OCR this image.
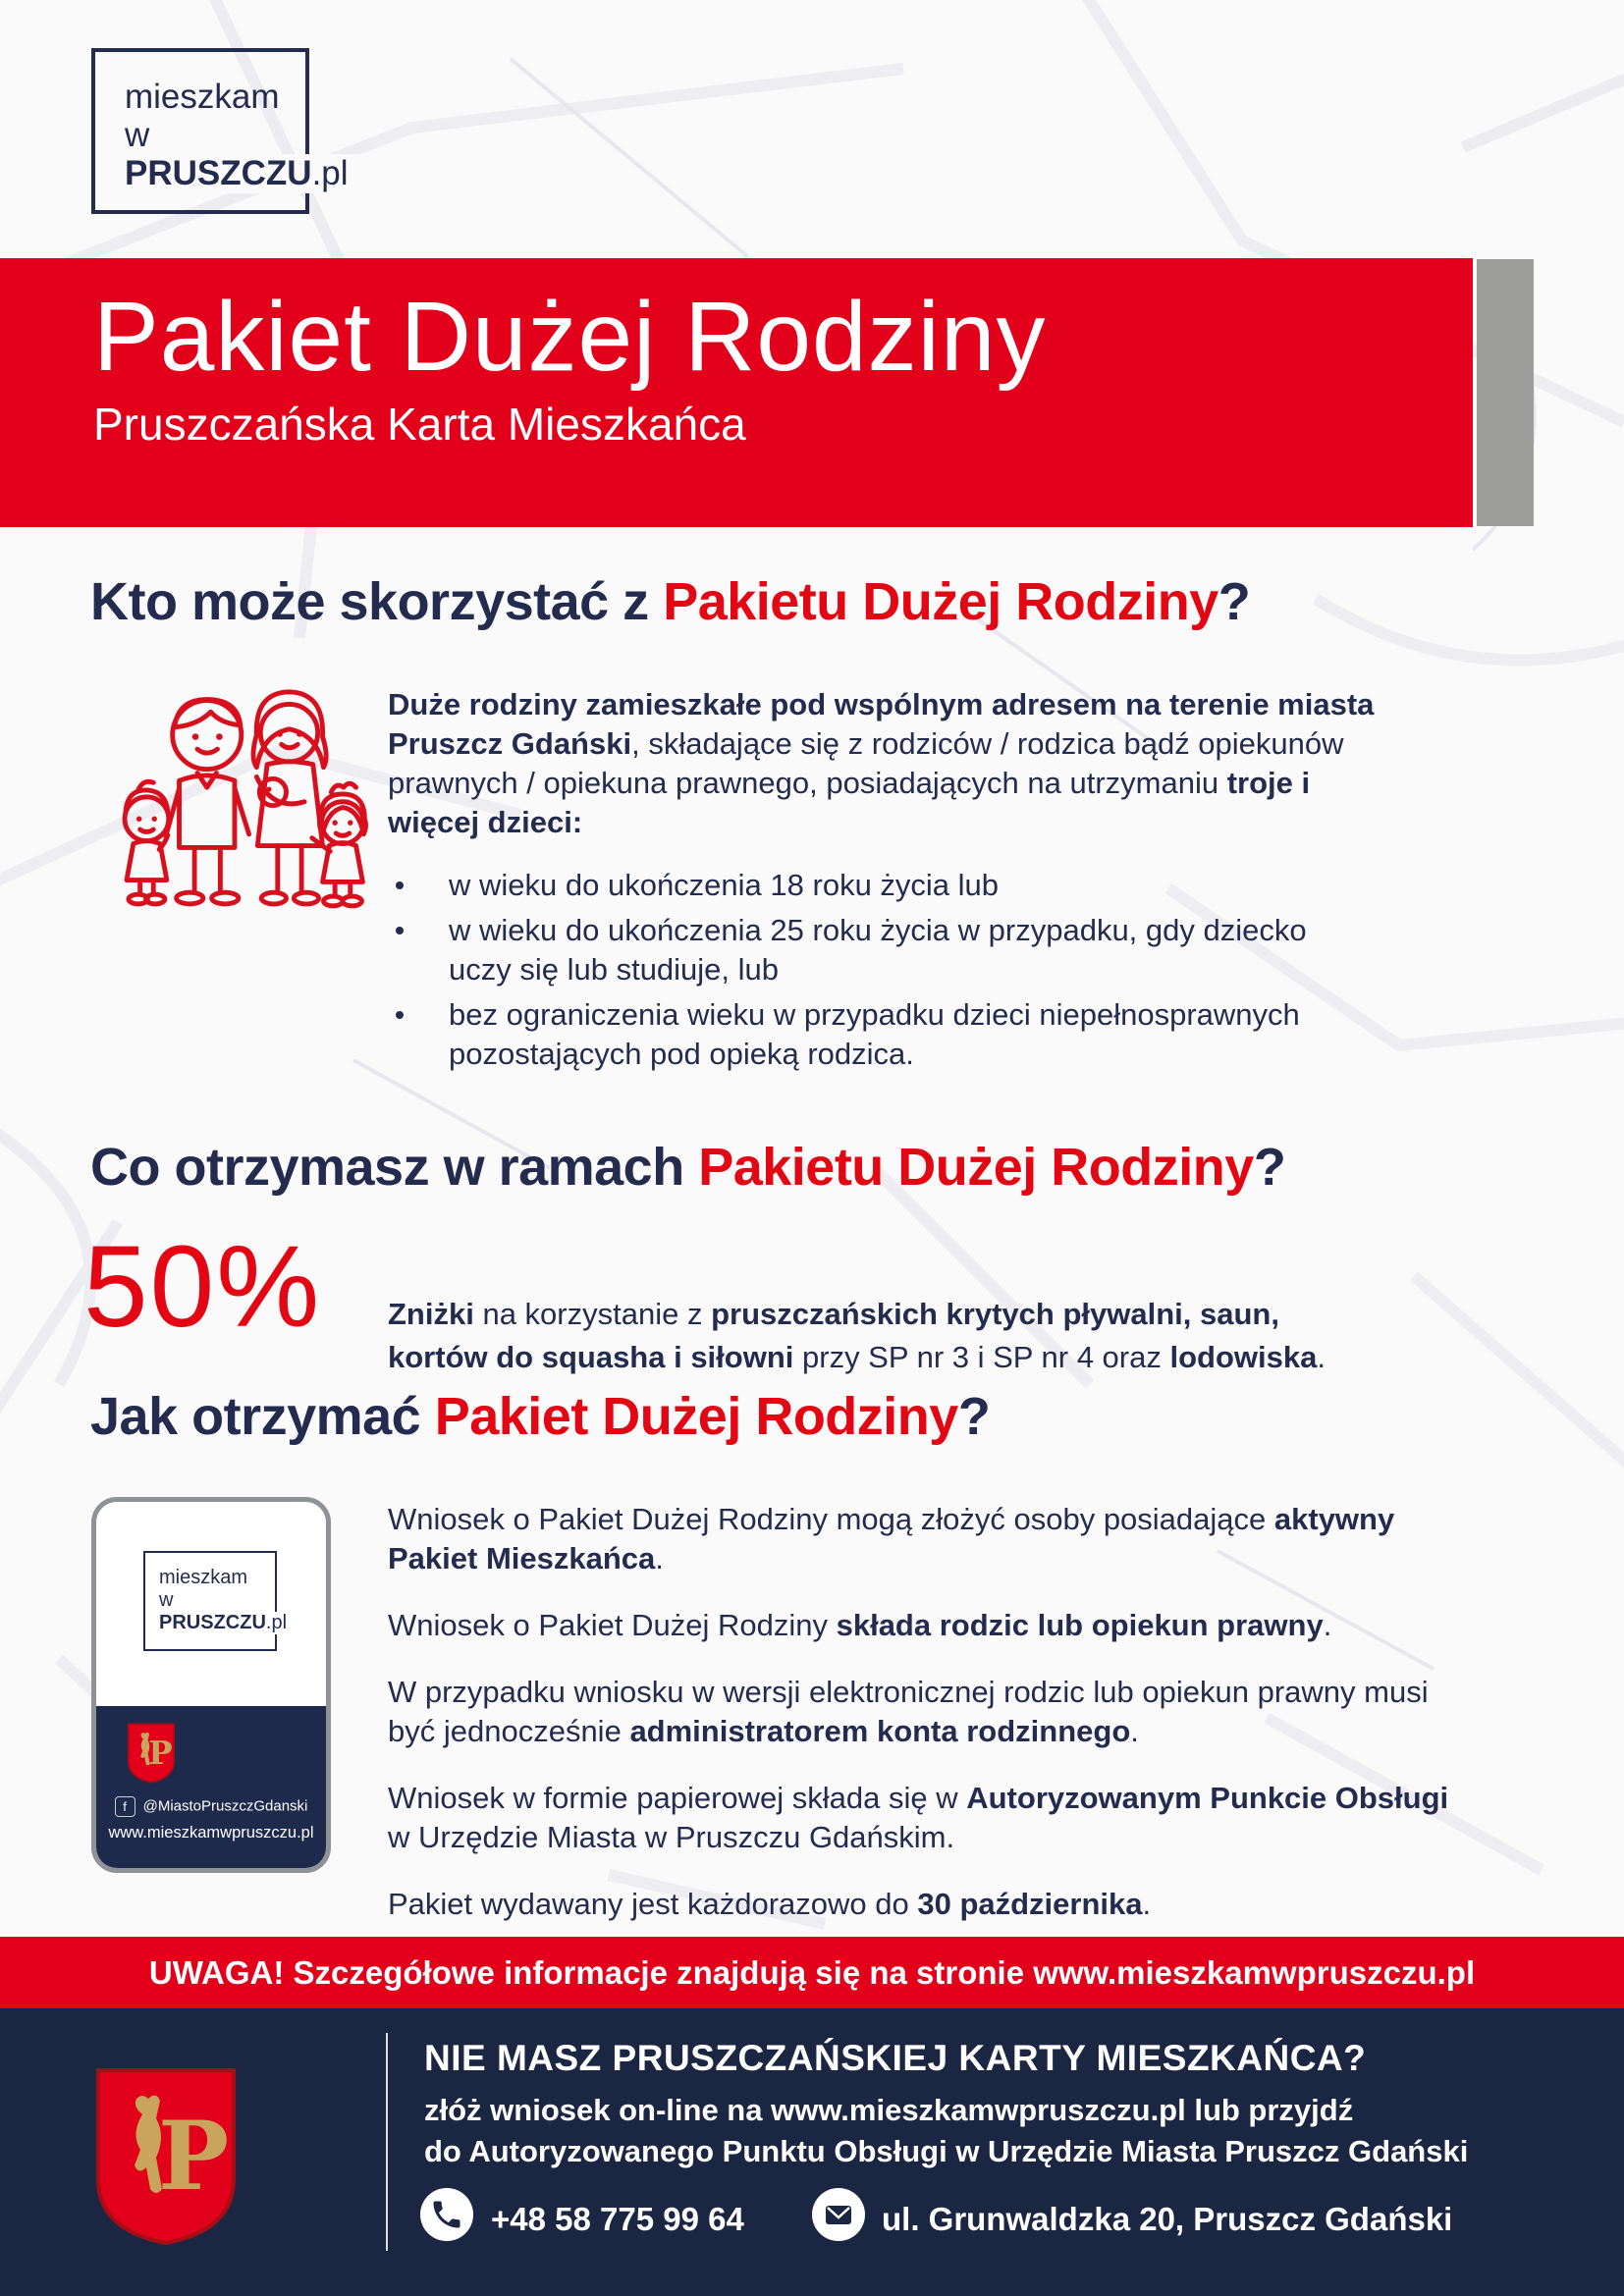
mieszkam
w
PRUSZCZU.pl
Pakiet Dużej Rodziny
Pruszczańska Karta Mieszkańca
Kto może skorzystać z Pakietu Dużej Rodziny?

Duże rodziny zamieszkałe pod wspólnym adresem na terenie miasta Pruszcz Gdański, składające się z rodziców / rodzica bądź opiekunów prawnych / opiekuna prawnego, posiadających na utrzymaniu troje i więcej dzieci:

w wieku do ukończenia 18 roku życia lub
w wieku do ukończenia 25 roku życia w przypadku, gdy dziecko uczy się lub studiuje, lub
bez ograniczenia wieku w przypadku dzieci niepełnosprawnych pozostających pod opieką rodzica.
Co otrzymasz w ramach Pakietu Dużej Rodziny?
50% Zniżki na korzystanie z pruszczańskich krytych pływalni, saun, kortów do squasha i siłowni przy SP nr 3 i SP nr 4 oraz lodowiska.

Jak otrzymać Pakiet Dużej Rodziny?
mieszkam
w
PRUSZCZU.pl
P
f @MiastoPruszczGdanski
www.mieszkamwpruszczu.pl

Wniosek o Pakiet Dużej Rodziny mogą złożyć osoby posiadające aktywny Pakiet Mieszkańca.

Wniosek o Pakiet Dużej Rodziny składa rodzic lub opiekun prawny.

W przypadku wniosku w wersji elektronicznej rodzic lub opiekun prawny musi być jednocześnie administratorem konta rodzinnego.

Wniosek w formie papierowej składa się w Autoryzowanym Punkcie Obsługi w Urzędzie Miasta w Pruszczu Gdańskim.

Pakiet wydawany jest każdorazowo do 30 października.

UWAGA! Szczegółowe informacje znajdują się na stronie www.mieszkamwpruszczu.pl
P
NIE MASZ PRUSZCZAŃSKIEJ KARTY MIESZKAŃCA?
złóż wniosek on-line na www.mieszkamwpruszczu.pl lub przyjdź
do Autoryzowanego Punktu Obsługi w Urzędzie Miasta Pruszcz Gdański
+48 58 775 99 64	ul. Grunwaldzka 20, Pruszcz Gdański
